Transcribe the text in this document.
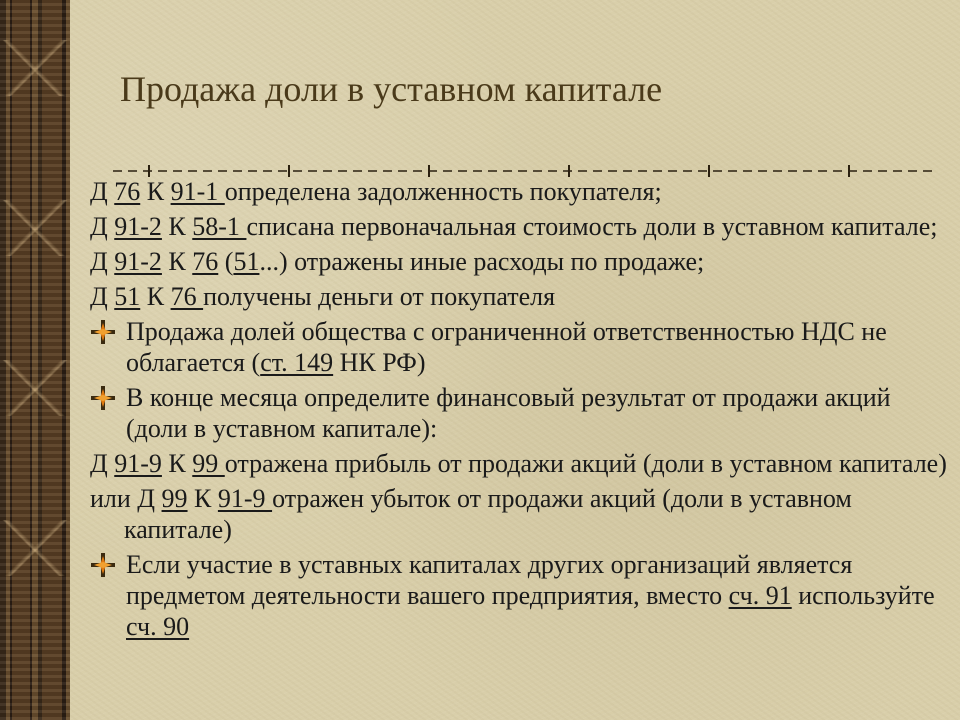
Продажа доли в уставном капитале
Д 76 К 91-1 определена задолженность покупателя;
Д 91-2 К 58-1 списана первоначальная стоимость доли в уставном капитале;
Д 91-2 К 76 (51...) отражены иные расходы по продаже;
Д 51 К 76 получены деньги от покупателя
Продажа долей общества с ограниченной ответственностью НДС не облагается (ст. 149 НК РФ)
В конце месяца определите финансовый результат от продажи акций (доли в уставном капитале):
Д 91-9 К 99 отражена прибыль от продажи акций (доли в уставном капитале)
или Д 99 К 91-9 отражен убыток от продажи акций (доли в уставном капитале)
Если участие в уставных капиталах других организаций является предметом деятельности вашего предприятия, вместо сч. 91 используйте сч. 90
